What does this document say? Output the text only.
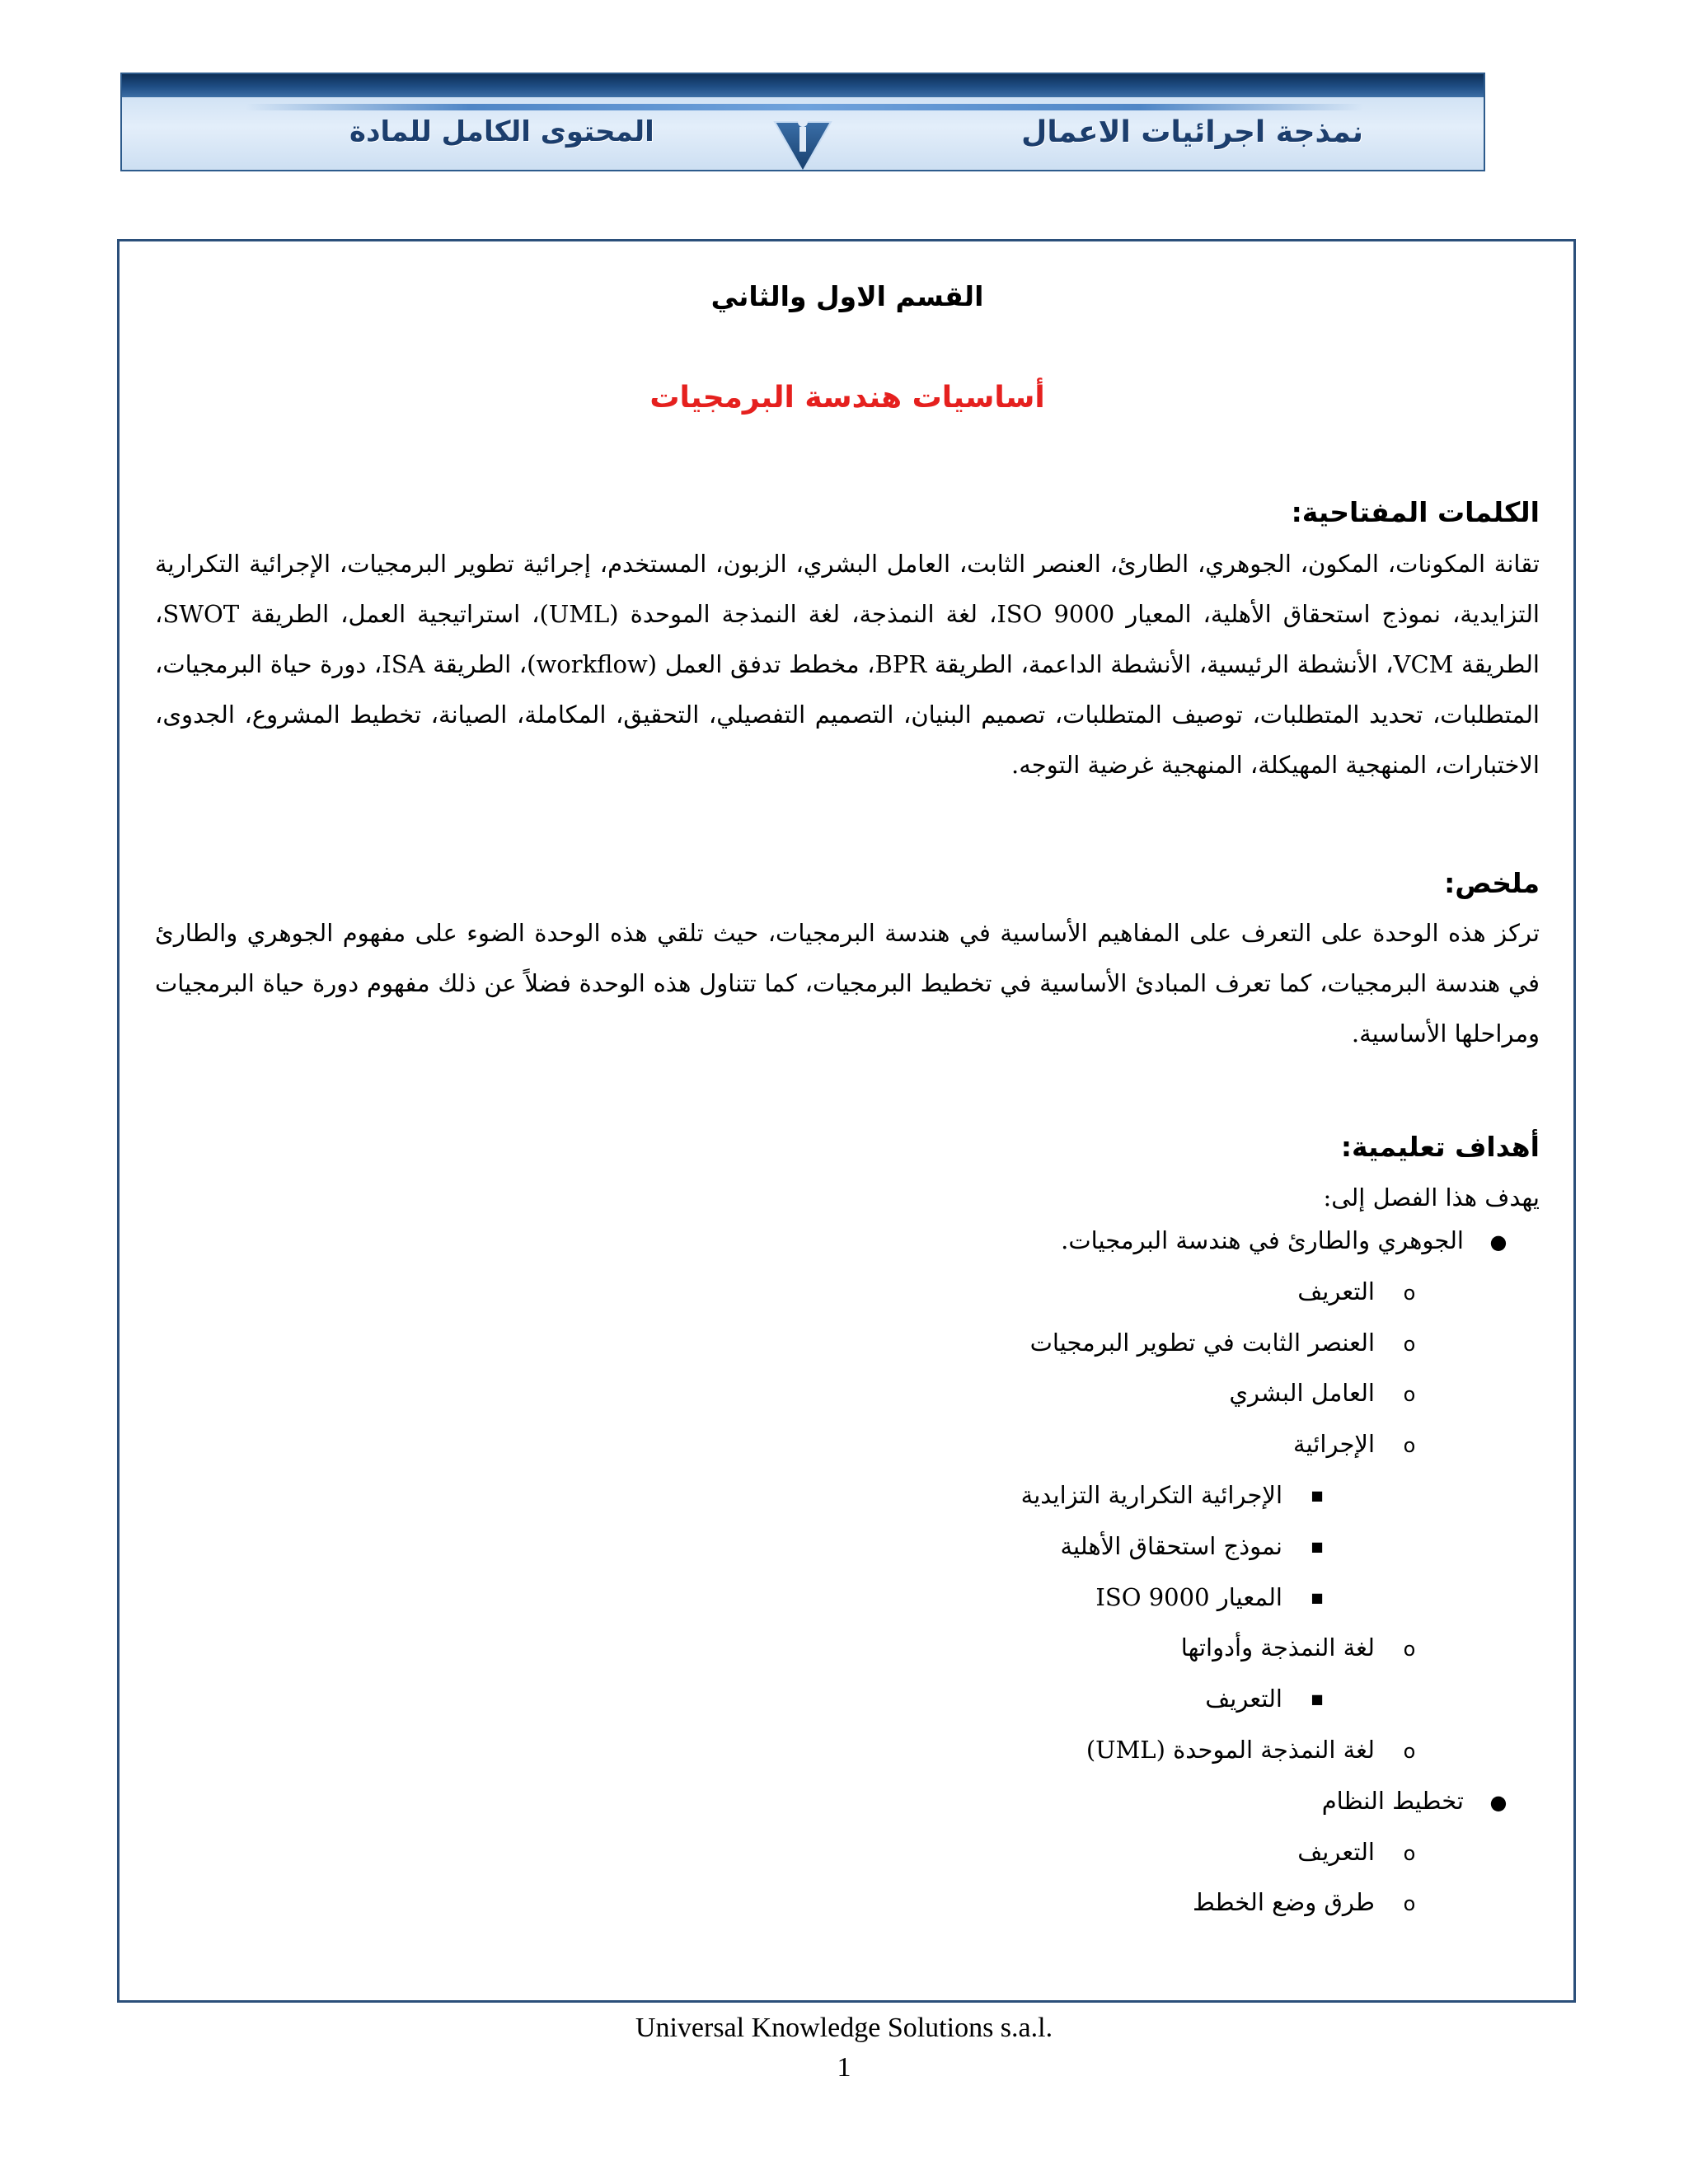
نمذجة اجرائيات الاعمال
المحتوى الكامل للمادة
القسم الاول والثاني
أساسيات هندسة البرمجيات
الكلمات المفتاحية:

تقانة المكونات، المكون، الجوهري، الطارئ، العنصر الثابت، العامل البشري، الزبون، المستخدم، إجرائية تطوير البرمجيات، الإجرائية التكرارية التزايدية، نموذج استحقاق الأهلية، المعيار ISO 9000، لغة النمذجة، لغة النمذجة الموحدة (UML)، استراتيجية العمل، الطريقة SWOT، الطريقة VCM، الأنشطة الرئيسية، الأنشطة الداعمة، الطريقة BPR، مخطط تدفق العمل (workflow)، الطريقة ISA، دورة حياة البرمجيات، المتطلبات، تحديد المتطلبات، توصيف المتطلبات، تصميم البنيان، التصميم التفصيلي، التحقيق، المكاملة، الصيانة، تخطيط المشروع، الجدوى، الاختبارات، المنهجية المهيكلة، المنهجية غرضية التوجه.

ملخص:

تركز هذه الوحدة على التعرف على المفاهيم الأساسية في هندسة البرمجيات، حيث تلقي هذه الوحدة الضوء على مفهوم الجوهري والطارئ في هندسة البرمجيات، كما تعرف المبادئ الأساسية في تخطيط البرمجيات، كما تتناول هذه الوحدة فضلاً عن ذلك مفهوم دورة حياة البرمجيات ومراحلها الأساسية.

أهداف تعليمية:

يهدف هذا الفصل إلى:

●الجوهري والطارئ في هندسة البرمجيات.
oالتعريف
oالعنصر الثابت في تطوير البرمجيات
oالعامل البشري
oالإجرائية
■الإجرائية التكرارية التزايدية
■نموذج استحقاق الأهلية
■المعيار ISO 9000
oلغة النمذجة وأدواتها
■التعريف
oلغة النمذجة الموحدة (UML)
●تخطيط النظام
oالتعريف
oطرق وضع الخطط
Universal Knowledge Solutions s.a.l.
1
